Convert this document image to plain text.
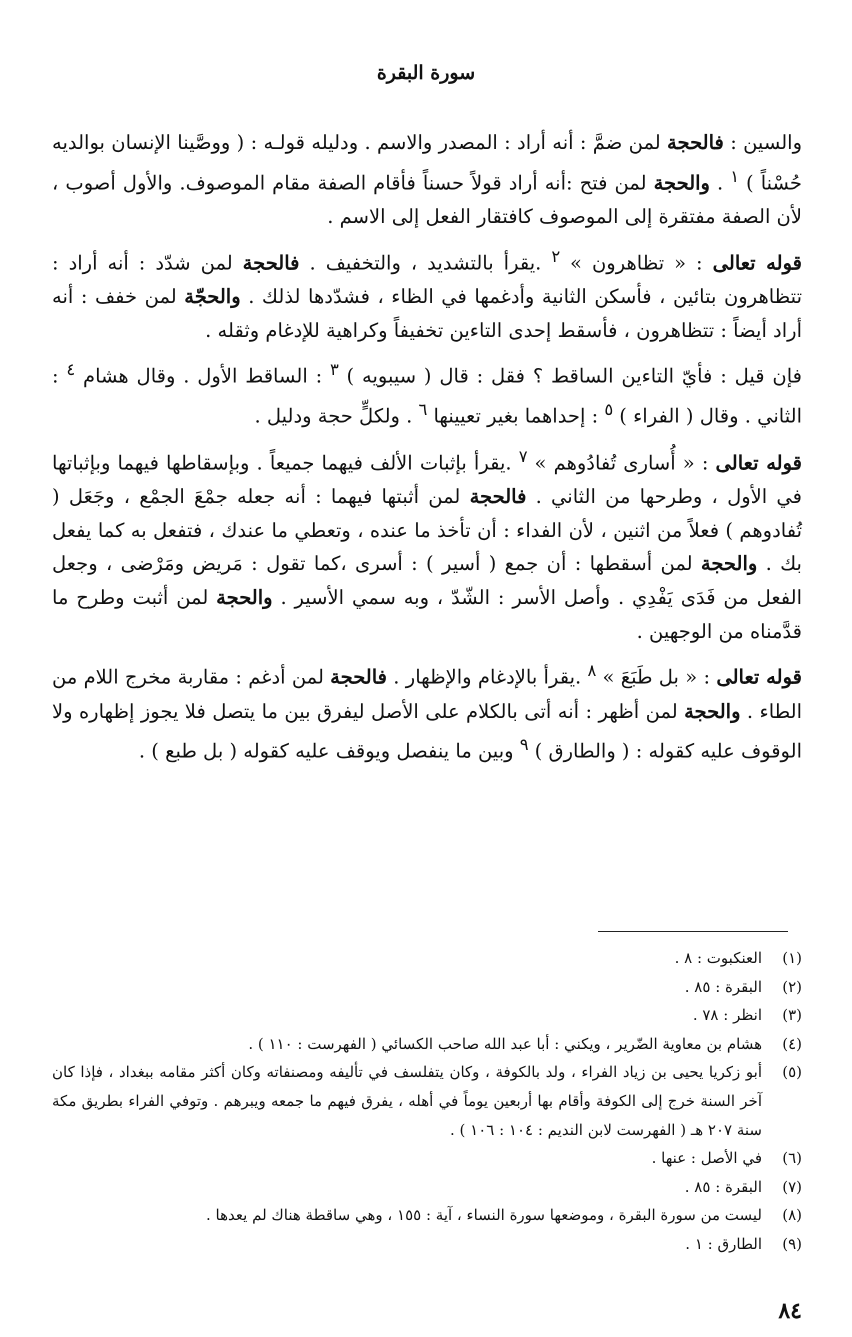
سورة البقرة

والسين : فالحجة لمن ضمَّ : أنه أراد : المصدر والاسم . ودليله قولـه : ( ووصَّينا الإنسان بوالديه حُسْناً ) $^١$ . والحجة لمن فتح :أنه أراد قولاً حسناً فأقام الصفة مقام الموصوف. والأول أصوب ، لأن الصفة مفتقرة إلى الموصوف كافتقار الفعل إلى الاسم .

قوله تعالى : « تظاهرون » $^٢$ .يقرأ بالتشديد ، والتخفيف . فالحجة لمن شدّد : أنه أراد : تتظاهرون بتائين ، فأسكن الثانية وأدغمها في الظاء ، فشدّدها لذلك . والحجّة لمن خفف : أنه أراد أيضاً : تتظاهرون ، فأسقط إحدى التاءين تخفيفاً وكراهية للإدغام وثقله .

فإن قيل : فأيّ التاءين الساقط ؟ فقل : قال ( سيبويه ) $^٣$ : الساقط الأول . وقال هشام $^٤$ : الثاني . وقال ( الفراء ) $^٥$ : إحداهما بغير تعيينها $^٦$ . ولكلٍّ حجة ودليل .

قوله تعالى : « أُسارى تُفادُوهم » $^٧$ .يقرأ بإثبات الألف فيهما جميعاً . وبإسقاطها فيهما وبإثباتها في الأول ، وطرحها من الثاني . فالحجة لمن أثبتها فيهما : أنه جعله جمْعَ الجمْع ، وجَعَل ( تُفادوهم ) فعلاً من اثنين ، لأن الفداء : أن تأخذ ما عنده ، وتعطي ما عندك ، فتفعل به كما يفعل بك . والحجة لمن أسقطها : أن جمع ( أسير ) : أسرى ،كما تقول : مَريض ومَرْضى ، وجعل الفعل من فَدَى يَفْدِي . وأصل الأسر : الشّدّ ، وبه سمي الأسير . والحجة لمن أثبت وطرح ما قدَّمناه من الوجهين .

قوله تعالى : « بل طَبَعَ » $^٨$ .يقرأ بالإدغام والإظهار . فالحجة لمن أدغم : مقاربة مخرج اللام من الطاء . والحجة لمن أظهر : أنه أتى بالكلام على الأصل ليفرق بين ما يتصل فلا يجوز إظهاره ولا الوقوف عليه كقوله : ( والطارق ) $^٩$ وبين ما ينفصل ويوقف عليه كقوله ( بل طبع ) .

(١)
العنكبوت : ٨ .
(٢)
البقرة : ٨٥ .
(٣)
انظر : ٧٨ .
(٤)
هشام بن معاوية الضّرير ، ويكني : أبا عبد الله صاحب الكسائي ( الفهرست : ١١٠ ) .
(٥)
أبو زكريا يحيى بن زياد الفراء ، ولد بالكوفة ، وكان يتفلسف في تأليفه ومصنفاته وكان أكثر مقامه ببغداد ، فإذا كان آخر السنة خرج إلى الكوفة وأقام بها أربعين يوماً في أهله ، يفرق فيهم ما جمعه ويبرهم . وتوفي الفراء بطريق مكة سنة ٢٠٧ هـ ( الفهرست لابن النديم : ١٠٤ : ١٠٦ ) .
(٦)
في الأصل : عنها .
(٧)
البقرة : ٨٥ .
(٨)
ليست من سورة البقرة ، وموضعها سورة النساء ، آية : ١٥٥ ، وهي ساقطة هناك لم يعدها .
(٩)
الطارق : ١ .
٨٤
